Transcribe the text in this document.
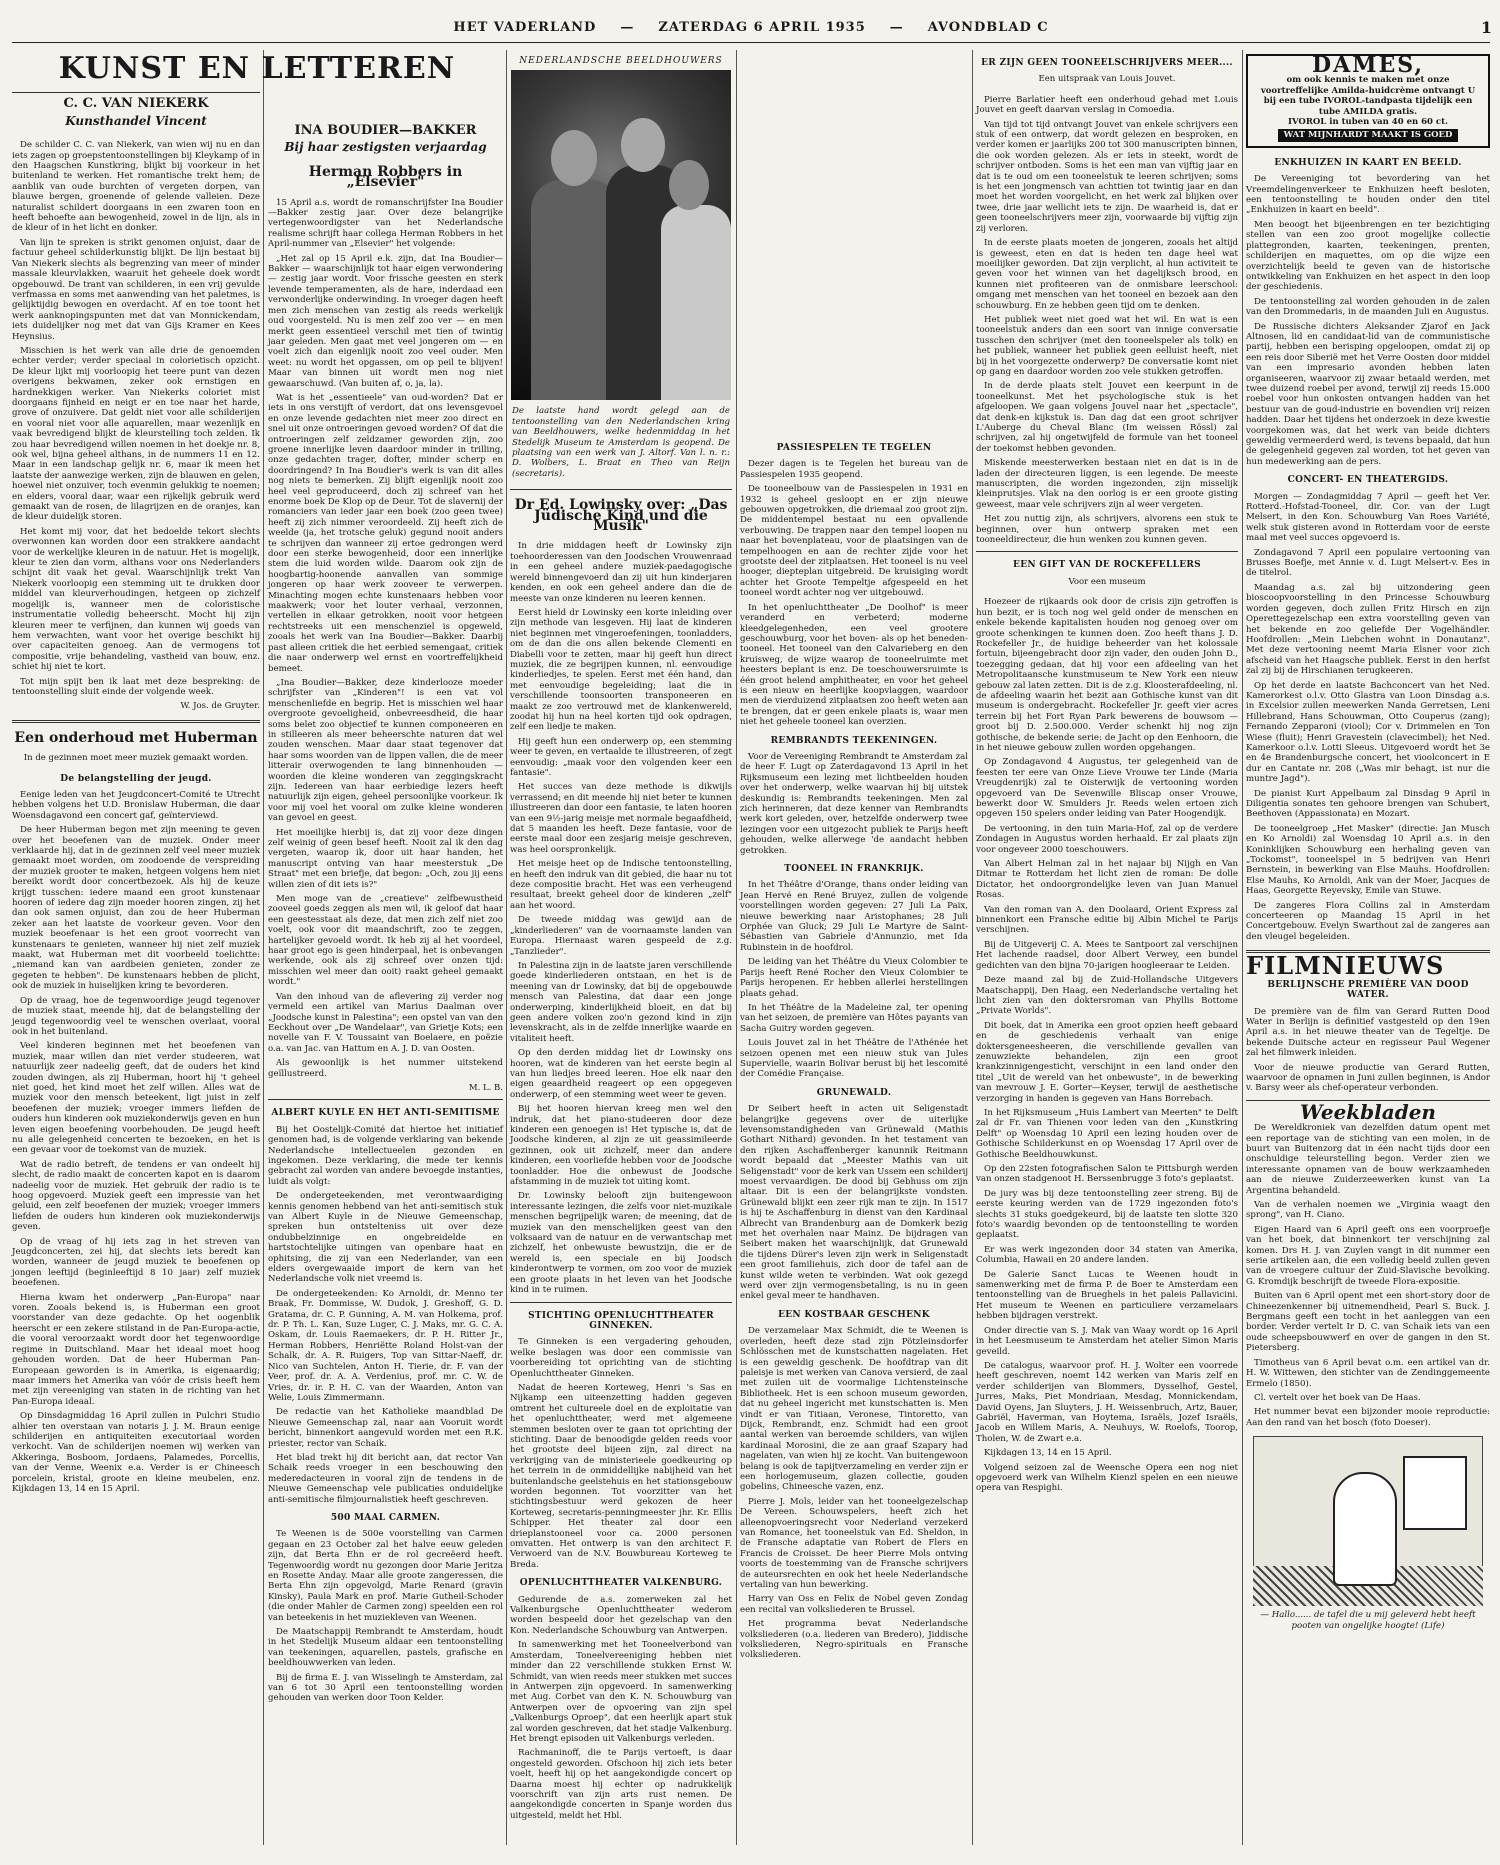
HET VADERLAND — ZATERDAG 6 APRIL 1935 — AVONDBLAD C	1
KUNST EN LETTEREN
C. C. VAN NIEKERK
Kunsthandel Vincent

De schilder C. C. van Niekerk, van wien wij nu en dan iets zagen op groepstentoonstellingen bij Kleykamp of in den Haagschen Kunstkring, blijkt bij voorkeur in het buitenland te werken. Het romantische trekt hem; de aanblik van oude burchten of vergeten dorpen, van blauwe bergen, groenende of gelende valleien. Deze naturalist schildert doorgaans in een zwaren toon en heeft behoefte aan bewogenheid, zowel in de lijn, als in de kleur of in het licht en donker.

Van lijn te spreken is strikt genomen onjuist, daar de factuur geheel schilderkunstig blijkt. De lijn bestaat bij Van Niekerk slechts als begrenzing van meer of minder massale kleurvlakken, waaruit het geheele doek wordt opgebouwd. De trant van schilderen, in een vrij gevulde verfmassa en soms met aanwending van het paletmes, is gelijktijdig bewogen en overdacht. Af en toe toont het werk aanknopingspunten met dat van Monnickendam, iets duidelijker nog met dat van Gijs Kramer en Kees Heynsius.

Misschien is het werk van alle drie de genoemden echter verder; verder speciaal in colorietisch opzicht. De kleur lijkt mij voorloopig het teere punt van dezen overigens bekwamen, zeker ook ernstigen en hardnekkigen werker. Van Niekerks coloriet mist doorgaans fijnheid en neigt er en toe naar het harde, grove of onzuivere. Dat geldt niet voor alle schilderijen en vooral niet voor alle aquarellen, maar wezenlijk en vaak bevredigend blijkt de kleurstelling toch zelden. Ik zou haar bevredigend willen noemen in het doekje nr. 8, ook wel, bijna geheel althans, in de nummers 11 en 12. Maar in een landschap gelijk nr. 6, maar ik meen het laatste der aanwezige werken, zijn de blauwen en gelen, hoewel niet onzuiver, toch evenmin gelukkig te noemen; en elders, vooral daar, waar een rijkelijk gebruik werd gemaakt van de rosen, de lilagrijzen en de oranjes, kan de kleur duidelijk storen.

Het komt mij voor, dat het bedoelde tekort slechts overwonnen kan worden door een strakkere aandacht voor de werkelijke kleuren in de natuur. Het is mogelijk, kleur te zien dan vorm, althans voor ons Nederlanders schijnt dit vaak het geval. Waarschijnlijk trekt Van Niekerk voorloopig een stemming uit te drukken door middel van kleurverhoudingen, hetgeen op zichzelf mogelijk is, wanneer men de coloristische instrumentatie volledig beheerscht. Mocht hij zijn kleuren meer te verfijnen, dan kunnen wij goeds van hem verwachten, want voor het overige beschikt hij over capaciteiten genoeg. Aan de vermogens tot compositie, vrije behandeling, vastheid van bouw, enz. schiet hij niet te kort.

Tot mijn spijt ben ik laat met deze bespreking: de tentoonstelling sluit einde der volgende week.

W. Jos. de Gruyter.
Een onderhoud met Huberman
In de gezinnen moet meer muziek gemaakt worden.
De belangstelling der jeugd.

Eenige leden van het Jeugdconcert-Comité te Utrecht hebben volgens het U.D. Bronislaw Huberman, die daar Woensdagavond een concert gaf, geïnterviewd.

De heer Huberman begon met zijn meening te geven over het beoefenen van de muziek. Onder meer verklaarde hij, dat in de gezinnen zelf veel meer muziek gemaakt moet worden, om zoodoende de verspreiding der muziek grooter te maken, hetgeen volgens hem niet bereikt wordt door concertbezoek. Als hij de keuze krijgt tusschen: iedere maand een groot kunstenaar hooren of iedere dag zijn moeder hooren zingen, zij het dan ook samen onjuist, dan zou de heer Huberman zeker aan het laatste de voorkeur geven. Voor den muziek beoefenaar is het een groot voorrecht van kunstenaars te genieten, wanneer hij niet zelf muziek maakt, wat Huberman met dit voorbeeld toelichtte: „niemand kan van aardbeien genieten, zonder ze gegeten te hebben". De kunstenaars hebben de plicht, ook de muziek in huiselijken kring te bevorderen.

Op de vraag, hoe de tegenwoordige jeugd tegenover de muziek staat, meende hij, dat de belangstelling der jeugd tegenwoordig veel te wenschen overlaat, vooral ook in het buitenland.

Veel kinderen beginnen met het beoefenen van muziek, maar willen dan niet verder studeeren, wat natuurlijk zeer nadeelig geeft, dat de ouders het kind zouden dwingen, als zij Huberman, hoort hij 't geheel niet goed, het kind moet het zelf willen. Alles wat de muziek voor den mensch beteekent, ligt juist in zelf beoefenen der muziek; vroeger immers liefden de ouders hun kinderen ook muziekonderwijs geven en hun leven eigen beoefening voorbehouden. De jeugd heeft nu alle gelegenheid concerten te bezoeken, en het is een gevaar voor de toekomst van de muziek.

Wat de radio betreft, de tendens er van ondeelt hij slecht, de radio maakt de concerten kapot en is daarom nadeelig voor de muziek. Het gebruik der radio is te hoog opgevoerd. Muziek geeft een impressie van het geluid, een zelf beoefenen der muziek; vroeger immers liefden de ouders hun kinderen ook muziekonderwijs geven.

Op de vraag of hij iets zag in het streven van Jeugdconcerten, zei hij, dat slechts iets beredt kan worden, wanneer de jeugd muziek te beoefenen op jongen leeftijd (beginleeftijd 8 10 jaar) zelf muziek beoefenen.

Hierna kwam het onderwerp „Pan-Europa" naar voren. Zooals bekend is, is Huberman een groot voorstander van deze gedachte. Op het oogenblik heerscht er een zekere stilstand in de Pan-Europa-actie, die vooral veroorzaakt wordt door het tegenwoordige regime in Duitschland. Maar het ideaal moet hoog gehouden worden. Dat de heer Huberman Pan-Europeaan geworden is in Amerika, is eigenaardig; maar immers het Amerika van vóór de crisis heeft hem met zijn vereeniging van staten in de richting van het Pan-Europa ideaal.

Op Dinsdagmiddag 16 April zullen in Pulchri Studio alhier ten overstaan van notaris J. J. M. Braun eenige schilderijen en antiquiteiten executoriaal worden verkocht. Van de schilderijen noemen wij werken van Akkeringa, Bosboom, Jordaens, Palamedes, Porcellis, van der Venne, Weenix e.a. Verder is er Chineesch porcelein, kristal, groote en kleine meubelen, enz. Kijkdagen 13, 14 en 15 April.

INA BOUDIER—BAKKER
Bij haar zestigsten verjaardag
Herman Robbers in „Elsevier"

15 April a.s. wordt de romanschrijfster Ina Boudier—Bakker zestig jaar. Over deze belangrijke vertegenwoordigster van het Nederlandsche realisme schrijft haar collega Herman Robbers in het April-nummer van „Elsevier" het volgende:

„Het zal op 15 April e.k. zijn, dat Ina Boudier—Bakker — waarschijnlijk tot haar eigen verwondering — zestig jaar wordt. Voor frissche geesten en sterk levende temperamenten, als de hare, inderdaad een verwonderlijke onderwinding. In vroeger dagen heeft men zich menschen van zestig als reeds werkelijk oud voorgesteld. Nu is men zelf zoo ver — en men merkt geen essentieel verschil met tien of twintig jaar geleden. Men gaat met veel jongeren om — en voelt zich dan eigenlijk nooit zoo veel ouder. Men weet: nu wordt het opgassen, om op peil te blijven! Maar van binnen uit wordt men nog niet gewaarschuwd. (Van buiten af, o, ja, la).

Wat is het „essentieele" van oud-worden? Dat er iets in ons verstijft of verdort, dat ons levensgevoel en onze levende gedachten niet meer zoo direct en snel uit onze ontroeringen gevoed worden? Of dat die ontroeringen zelf zeldzamer geworden zijn, zoo groene innerlijke leven daardoor minder in trilling, onze gedachten trager, dofter, minder scherp en doordringend? In Ina Boudier's werk is van dit alles nog niets te bemerken. Zij blijft eigenlijk nooit zoo heel veel geproduceerd, doch zij schreef van het enorme boek De Klop op de Deur. Tot de slavernij der romanciers van ieder jaar een boek (zoo geen twee) heeft zij zich nimmer veroordeeld. Zij heeft zich de weelde (ja, het trotsche geluk) gegund nooit anders te schrijven dan wanneer zij ertoe gedrongen werd door een sterke bewogenheid, door een innerlijke stem die luid worden wilde. Daarom ook zijn de hoogbartig-hoonende aanvallen van sommige jongeren op haar werk zooveer te verwerpen. Minachting mogen echte kunstenaars hebben voor maakwerk; voor het louter verhaal, verzonnen, vertellen in elkaar getrokken, nooit voor hetgeen rechtstreeks uit een menschenziel is opgeweld, zooals het werk van Ina Boudier—Bakker. Daarbij past alleen critiek die het eerbied semengaat, critiek die naar onderwerp wel ernst en voortreffelijkheid bemeet.

„Ina Boudier—Bakker, deze kinderlooze moeder schrijfster van „Kinderen"! is een vat vol menschenliefde en begrip. Het is misschien wel haar overgroote gevoeligheid, onbevreesdheid, die haar soms belet zoo objectief te kunnen componeeren en in stilleeren als meer beheerschte naturen dat wel zouden wenschen. Maar daar staat tegenover dat haar soms woorden van de lippen vallen, die de meer litterair overwogenden te lang binnenhouden — woorden die kleine wonderen van zeggingskracht zijn. Iedereen van haar eerbiedige lezers heeft natuurlijk zijn eigen, geheel persoonlijke voorkeur. Ik voor mij voel het vooral om zulke kleine wonderen van gevoel en geest.

Het moeilijke hierbij is, dat zij voor deze dingen zelf weinig of geen besef heeft. Nooit zal ik den dag vergeten, waarop ik, door uit haar handen, het manuscript ontving van haar meesterstuk „De Straat" met een briefje, dat begon: „Och, zou jij eens willen zien of dit iets is?"

Men moge van de „creatieve" zelfbewustheid zooveel goeds zeggen als men wil, ik geloof dat haar een geestesstaat als deze, dat men zich zelf niet zoo voelt, ook voor dit maandschrift, zoo te zeggen, hartelijker gevoeld wordt. Ik heb zij al het voordeel, haar groot ego is geen hinderpaal, het is onbevangen werkende, ook als zij schreef over onzen tijd: misschien wel meer dan ooit) raakt geheel gemaakt wordt."

Van den inhoud van de aflevering zij verder nog vermeld een artikel van Marius Daalman over „Joodsche kunst in Palestina"; een opstel van van den Eeckhout over „De Wandelaar", van Grietje Kots; een novelle van F. V. Toussaint van Boelaere, en poëzie o.a. van Jac. van Hattum en A. J. D. van Oosten.

Als gewoonlijk is het nummer uitstekend geïllustreerd.

M. L. B.
ALBERT KUYLE EN HET ANTI-SEMITISME

Bij het Oostelijk-Comité dat hiertoe het initiatief genomen had, is de volgende verklaring van bekende Nederlandsche intellectueelen gezonden en ingekomen. Deze verklaring, die mede ter kennis gebracht zal worden van andere bevoegde instanties, luidt als volgt:

De ondergeteekenden, met verontwaardiging kennis genomen hebbend van het anti-semitisch stuk van Albert Kuyle in de Nieuwe Gemeenschap, spreken hun ontstelteniss uit over deze ondubbelzinnige en ongebreidelde en hartstochtelijke uitingen van openbare haat en ophitsing, die zij van een Nederlander, van een elders overgewaaide import de kern van het Nederlandsche volk niet vreemd is.

De ondergeteekenden: Ko Arnoldi, dr. Menno ter Braak, Fr. Dommisse, W. Dudok, J. Greshoff, G. D. Gratama, dr. C. P. Gunning, A. M. van Holkema, prof. dr. P. Th. L. Kan, Suze Luger, C. J. Maks, mr. G. C. A. Oskam, dr. Louis Raemaekers, dr. P. H. Ritter Jr., Herman Robbers, Henriëtte Roland Holst-van der Schalk, dr. A. R. Ruigers, Top van Sittar-Naeff, dr. Nico van Suchtelen, Anton H. Tierie, dr. F. van der Veer, prof. dr. A. A. Verdenius, prof. mr. C. W. de Vries, dr. ir. P. H. C. van der Waarden, Anton van Welie, Louis Zimmermann.

De redactie van het Katholieke maandblad De Nieuwe Gemeenschap zal, naar aan Vooruit wordt bericht, binnenkort aangevuld worden met een R.K. priester, rector van Schaik.

Het blad trekt hij dit bericht aan, dat rector Van Schaik reeds vroeger in een beschouwing den mederedacteuren in vooral zijn de tendens in de Nieuwe Gemeenschap vele publicaties onduidelijke anti-semitische filmjournalistiek heeft geschreven.

500 MAAL CARMEN.

Te Weenen is de 500e voorstelling van Carmen gegaan en 23 October zal het halve eeuw geleden zijn, dat Berta Ehn er de rol gecreëerd heeft. Tegenwoordig wordt nu gezongen door Marie Jeritza en Rosette Anday. Maar alle groote zangeressen, die Berta Ehn zijn opgevolgd, Marie Renard (gravin Kinsky), Paula Mark en prof. Marie Gutheil-Schoder (die onder Mahler de Carmen zong) speelden een rol van beteekenis in het muziekleven van Weenen.

De Maatschappij Rembrandt te Amsterdam, houdt in het Stedelijk Museum aldaar een tentoonstelling van teekeningen, aquarellen, pastels, grafische en beeldhouwwerken van leden.

Bij de firma E. J. van Wisselingh te Amsterdam, zal van 6 tot 30 April een tentoonstelling worden gehouden van werken door Toon Kelder.

NEDERLANDSCHE BEELDHOUWERS
De laatste hand wordt gelegd aan de tentoonstelling van den Nederlandschen kring van Beeldhouwers, welke hedenmiddag in het Stedelijk Museum te Amsterdam is geopend. De plaatsing van een werk van J. Altorf. Van l. n. r.: D. Wolbers, L. Braat en Theo van Reijn (secretaris).
Dr Ed. Lowinsky over: „Das Jüdische Kind und die Musik"

In drie middagen heeft dr Lowinsky zijn toehoorderessen van den Joodschen Vrouwenraad in een geheel andere muziek-paedagogische wereld binnengevoerd dan zij uit hun kinderjaren kenden, en ook een geheel andere dan die de meeste van onze kinderen nu leeren kennen.

Eerst hield dr Lowinsky een korte inleiding over zijn methode van lesgeven. Hij laat de kinderen niet beginnen met vingeroefeningen, toonladders, om de dan die ons allen bekende Clementi en Diabelli voor te zetten, maar hij geeft hun direct muziek, die ze begrijpen kunnen, nl. eenvoudige kinderliedjes, te spelen. Eerst met één hand, dan met eenvoudige begeleiding; laat die in verschillende toonsoorten transponeeren en maakt ze zoo vertrouwd met de klankenwereld, zoodat hij hun na heel korten tijd ook opdragen, zelf een liedje te maken.

Hij geeft hun een onderwerp op, een stemming weer te geven, en vertaalde te illustreeren, of zegt eenvoudig: „maak voor den volgenden keer een fantasie".

Het succes van deze methode is dikwijls verrassend; en dit meende hij niet beter te kunnen illustreeren dan door een fantasie, te laten hooren van een 9½-jarig meisje met normale begaafdheid, dat 5 maanden les heeft. Deze fantasie, voor de eerste maal door een zesjarig meisje geschreven, was heel oorspronkelijk.

Het meisje heet op de Indische tentoonstelling, en heeft den indruk van dit gebied, die haar nu tot deze compositie bracht. Het was een verheugend resultaat, breekt geheel door de kinderen „zelf" aan het woord.

De tweede middag was gewijd aan de „kinderliederen" van de voornaamste landen van Europa. Hiernaast waren gespeeld de z.g. „Tanzlieder".

In Palestina zijn in de laatste jaren verschillende goede kinderliederen ontstaan, en het is de meening van dr Lowinsky, dat bij de opgebouwde mensch van Palestina, dat daar een jonge onderwerping, kinderlijkheid bloeit, en dat bij geen andere volken zoo'n gezond kind in zijn levenskracht, als in de zelfde innerlijke waarde en vitaliteit heeft.

Op den derden middag liet dr Lowinsky ons hooren, wat de kinderen van het eerste begin al van hun liedjes breed leeren. Hoe elk naar den eigen geaardheid reageert op een opgegeven onderwerp, of een stemming weet weer te geven.

Bij het hooren hiervan kreeg men wel den indruk, dat het piano-studeeren door deze kinderen een genoegen is! Het typische is, dat de Joodsche kinderen, al zijn ze uit geassimileerde gezinnen, ook uit zichzelf, meer dan andere kinderen, een voorliefde hebben voor de Joodsche toonladder. Hoe die onbewust de Joodsche afstamming in de muziek tot uiting komt.

Dr. Lowinsky belooft zijn buitengewoon interessante lezingen, die zelfs voor niet-muzikale menschen begrijpelijk waren; de meening, dat de muziek van den menschelijken geest van den volksaard van de natuur en de verwantschap met zichzelf, het onbewuste bewustzijn, die er de wereld is, een speciale en bij Joodsch kinderontwerp te vormen, om zoo voor de muziek een groote plaats in het leven van het Joodsche kind in te ruimen.

STICHTING OPENLUCHTTHEATER GINNEKEN.

Te Ginneken is een vergadering gehouden, welke beslagen was door een commissie van voorbereiding tot oprichting van de stichting Openluchttheater Ginneken.

Nadat de heeren Korteweg, Henri 's Sas en Nijkamp een uiteenzetting hadden gegeven omtrent het cultureele doel en de exploitatie van het openluchttheater, werd met algemeene stemmen besloten over te gaan tot oprichting der stichting. Daar de benoodigde gelden reeds voor het grootste deel bijeen zijn, zal direct na verkrijging van de ministerieele goedkeuring op het terrein in de onmiddellijke nabijheid van het buitenlandsche geelstehuis en het stationsgebouw worden begonnen. Tot voorzitter van het stichtingsbestuur werd gekozen de heer Korteweg, secretaris-penningmeester jhr. Kr. Ellis Schipper. Het theater zal door een drieplanstooneel voor ca. 2000 personen omvatten. Het ontwerp is van den architect F. Verwoerd van de N.V. Bouwbureau Korteweg te Breda.

OPENLUCHTTHEATER VALKENBURG.

Gedurende de a.s. zomerweken zal het Valkenburgsche Openluchttheater wederom worden bespeeld door het gezelschap van den Kon. Nederlandsche Schouwburg van Antwerpen.

In samenwerking met het Tooneelverbond van Amsterdam, Toneelvereeniging hebben niet minder dan 22 verschillende stukken Ernst W. Schmidt, van wien reeds meer stukken met succes in Antwerpen zijn opgevoerd. In samenwerking met Aug. Corbet van den K. N. Schouwburg van Antwerpen over de opvoering van zijn spel „Valkenburgs Oproep", dat een heerlijk apart stuk zal worden geschreven, dat het stadje Valkenburg. Het brengt episoden uit Valkenburgs verleden.

Rachmaninoff, die te Parijs vertoeft, is daar ongesteld geworden. Ofschoon hij zich iets beter voelt, heeft hij op het aangekondigde concert op Daarna moest hij echter op nadrukkelijk voorschrift van zijn arts rust nemen. De aangekondigde concerten in Spanje worden dus uitgesteld, meldt het Hbl.

PASSIESPELEN TE TEGELEN

Dezer dagen is te Tegelen het bureau van de Passiespelen 1935 geopend.

De tooneelbouw van de Passiespelen in 1931 en 1932 is geheel gesloopt en er zijn nieuwe gebouwen opgetrokken, die driemaal zoo groot zijn. De middentempel bestaat nu een opvallende verbouwing. De trappen naar den tempel loopen nu naar het bovenplateau, voor de plaatsingen van de tempelhoogen en aan de rechter zijde voor het grootste deel der zitplaatsen. Het tooneel is nu veel hooger, diepteplan uitgebreid. De kruisiging wordt achter het Groote Tempeltje afgespeeld en het tooneel wordt achter nog ver uitgebouwd.

In het openluchttheater „De Doolhof" is meer veranderd en verbeterd; moderne kleedgelegenheden, een veel grootere geschouwburg, voor het boven- als op het beneden-tooneel. Het tooneel van den Calvarieberg en den kruisweg, de wijze waarop de tooneelruimte met heesters beplant is enz. De toeschouwersruimte is één groot helend amphitheater, en voor het geheel is een nieuw en heerlijke koopvlaggen, waardoor men de vierduizend zitplaatsen zoo heeft weten aan te brengen, dat er geen enkele plaats is, waar men niet het geheele tooneel kan overzien.

REMBRANDTS TEEKENINGEN.

Voor de Vereeniging Rembrandt te Amsterdam zal de heer F. Lugt op Zaterdagavond 13 April in het Rijksmuseum een lezing met lichtbeelden houden over het onderwerp, welke waarvan hij bij uitstek deskundig is: Rembrandts teekeningen. Men zal zich herinneren, dat deze kenner van Rembrandts werk kort geleden, over, hetzelfde onderwerp twee lezingen voor een uitgezocht publiek te Parijs heeft gehouden, welke allerwege 'de aandacht hebben getrokken.

TOONEEL IN FRANKRIJK.

In het Théâtre d'Orange, thans onder leiding van Jean Hervé en René Bruyez, zullen de volgende voorstellingen worden gegeven: 27 Juli La Paix, nieuwe bewerking naar Aristophanes; 28 Juli Orphée van Gluck; 29 Juli Le Martyre de Saint-Sébastien van Gabriele d'Annunzio, met Ida Rubinstein in de hoofdrol.

De leiding van het Théâtre du Vieux Colombier te Parijs heeft René Rocher den Vieux Colombier te Parijs heropenen. Er hebben allerlei herstellingen plaats gehad.

In het Théâtre de la Madeleine zal, ter opening van het seizoen, de première van Hôtes payants van Sacha Guitry worden gegeven.

Louis Jouvet zal in het Théâtre de l'Athénée het seizoen openen met een nieuw stuk van Jules Supervielle, waarin Bolivar berust bij het lescomité der Comédie Française.

GRUNEWALD.

Dr Seibert heeft in acten uit Seligenstadt belangrijke gegevens over de uiterlijke levensomstandigheden van Grünewald (Mathis Gothart Nithard) gevonden. In het testament van den rijken Aschaffenberger kanunnik Reitmann wordt bepaald dat „Meester Mathis van uit Seligenstadt" voor de kerk van Ussem een schilderij moest vervaardigen. De dood bij Gebhuss om zijn altaar. Dit is een der belangrijkste vondsten. Grünewald blijkt een zeer rijk man te zijn. In 1517 is hij te Aschaffenburg in dienst van den Kardinaal Albrecht van Brandenburg aan de Domkerk bezig met het overhalen naar Mainz. De bijdragen van Seibert maken het waarschijnlijk, dat Grunewald die tijdens Dürer's leven zijn werk in Seligenstadt een groot familiehuis, zich door de tafel aan de kunst wilde weten te verbinden. Wat ook gezegd werd over zijn vermogensbetaling, is nu in geen enkel geval meer te handhaven.

EEN KOSTBAAR GESCHENK

De verzamelaar Max Schmidt, die te Weenen is overleden, heeft deze stad zijn Pötzleinsdorfer Schlösschen met de kunstschatten nagelaten. Het is een geweldig geschenk. De hoofdtrap van dit paleisje is met werken van Canova versierd, de zaal met zuilen uit de voormalige Lichtensteinsche Bibliotheek. Het is een schoon museum geworden, dat nu geheel ingericht met kunstschatten is. Men vindt er van Titiaan, Veronese, Tintoretto, van Dijck, Rembrandt, enz. Schmidt had een groot aantal werken van beroemde schilders, van wijlen kardinaal Morosini, die ze aan graaf Szapary had nagelaten, van wien hij ze kocht. Van buitengewoon belang is ook de tapijtverzameling en verder zijn er een horlogemuseum, glazen collectie, gouden gobelins, Chineesche vazen, enz.

Pierre J. Mols, leider van het tooneelgezelschap De Vereen. Schouwspelers, heeft zich het alleenopvoeringsrecht voor Nederland verzekerd van Romance, het tooneelstuk van Ed. Sheldon, in de Fransche adaptatie van Robert de Flers en Francis de Croisset. De heer Pierre Mols ontving voorts de toestemming van de Fransche schrijvers de auteursrechten en ook het heele Nederlandsche vertaling van hun bewerking.

Harry van Oss en Felix de Nobel geven Zondag een recital van volksliederen te Brussel.

Het programma bevat Nederlandsche volksliederen (o.a. liederen van Bredero), Jiddische volksliederen, Negro-spirituals en Fransche volksliederen.

ER ZIJN GEEN TOONEELSCHRIJVERS MEER....
Een uitspraak van Louis Jouvet.

Pierre Barlatier heeft een onderhoud gehad met Louis Jouvet en geeft daarvan verslag in Comoedia.

Van tijd tot tijd ontvangt Jouvet van enkele schrijvers een stuk of een ontwerp, dat wordt gelezen en besproken, en verder komen er jaarlijks 200 tot 300 manuscripten binnen, die ook worden gelezen. Als er iets in steekt, wordt de schrijver ontboden. Soms is het een man van vijftig jaar en dat is te oud om een tooneelstuk te leeren schrijven; soms is het een jongmensch van achttien tot twintig jaar en dan moet het worden voorgelicht, en het werk zal blijken over twee, drie jaar wellicht iets te zijn. De waarheid is, dat er geen tooneelschrijvers meer zijn, voorwaarde bij vijftig zijn zij verloren.

In de eerste plaats moeten de jongeren, zooals het altijd is geweest, eten en dat is heden ten dage heel wat moeilijker geworden. Dat zijn verplicht, al hun activiteit te geven voor het winnen van het dagelijksch brood, en kunnen niet profiteeren van de onmisbare leerschool: omgang met menschen van het tooneel en bezoek aan den schouwburg. En ze hebben geen tijd om te denken.

Het publiek weet niet goed wat het wil. En wat is een tooneelstuk anders dan een soort van innige conversatie tusschen den schrijver (met den tooneelspeler als tolk) en het publiek, wanneer het publiek geen eelluist heeft, niet bij in het voorgezette onderwerp? De conversatie komt niet op gang en daardoor worden zoo vele stukken getroffen.

In de derde plaats stelt Jouvet een keerpunt in de tooneelkunst. Met het psychologische stuk is het afgeloopen. We gaan volgens Jouvel naar het „spectacle", dat denk-en kijkstuk is. Dan dag dat een groot schrijver L'Auberge du Cheval Blanc (Im weissen Rössl) zal schrijven, zal hij ongetwijfeld de formule van het tooneel der toekomst hebben gevonden.

Miskende meesterwerken bestaan niet en dat is in de laden der directeuren liggen, is een legende. De meeste manuscripten, die worden ingezonden, zijn misselijk kleinprutsjes. Vlak na den oorlog is er een groote gisting geweest, maar vele schrijvers zijn al weer vergeten.

Het zou nuttig zijn, als schrijvers, alvorens een stuk te beginnen, over hun ontwerp spraken met een tooneeldirecteur, die hun wenken zou kunnen geven.

EEN GIFT VAN DE ROCKEFELLERS
Voor een museum

Hoezeer de rijkaards ook door de crisis zijn getroffen is hun bezit, er is toch nog wel geld onder de menschen en enkele bekende kapitalisten houden nog genoeg over om groote schenkingen te kunnen doen. Zoo heeft thans J. D. Rockefeller Jr., de huidige beheerder van het kolossale fortuin, bijeengebracht door zijn vader, den ouden John D., toezegging gedaan, dat hij voor een afdeeling van het Metropolitaansche kunstmuseum te New York een nieuw gebouw zal laten zetten. Dit is de z.g. Kloosterafdeeling, nl. de afdeeling waarin het bezit aan Gothische kunst van dit museum is ondergebracht. Rockefeller Jr. geeft vier acres terrein bij het Fort Ryan Park bewerens de bouwsom — groot bij D. 2.500.000. Verder schenkt hij nog zijn gothische, de bekende serie: de Jacht op den Eenhoorn, die in het nieuwe gebouw zullen worden opgehangen.

Op Zondagavond 4 Augustus, ter gelegenheid van de feesten ter eere van Onze Lieve Vrouwe ter Linde (Maria Vreugdenrijk) zal te Oisterwijk de vertooning worden opgevoerd van De Sevenwille Bliscap onser Vrouwe, bewerkt door W. Smulders Jr. Reeds welen ertoen zich opgeven 150 spelers onder leiding van Pater Hoogendijk.

De vertooning, in den tuin Maria-Hof, zal op de verdere Zondagen in Augustus worden herhaald. Er zal plaats zijn voor ongeveer 2000 toeschouwers.

Van Albert Helman zal in het najaar bij Nijgh en Van Ditmar te Rotterdam het licht zien de roman: De dolle Dictator, het ondoorgrondelijke leven van Juan Manuel Rosas.

Van den roman van A. den Doolaard, Orient Express zal binnenkort een Fransche editie bij Albin Michel te Parijs verschijnen.

Bij de Uitgeverij C. A. Mees te Santpoort zal verschijnen Het lachende raadsel, door Albert Verwey, een bundel gedichten van den bijna 70-jarigen hoogleeraar te Leiden.

Deze maand zal bij de Zuid-Hollandsche Uitgevers Maatschappij, Den Haag, een Nederlandsche vertaling het licht zien van den doktersroman van Phyllis Bottome „Private Worlds".

Dit boek, dat in Amerika een groot opzien heeft gebaard en de geschiedenis verhaalt van enige doktersgeneesheeren, die verschillende gevallen van zenuwziekte behandelen, zijn een groot krankzinnigengesticht, verschijnt in een land onder den titel „Uit de wereld van het onbewuste", in de bewerking van mevrouw J. E. Gorter—Keyser, terwijl de aesthetische verzorging in handen is gegeven van Hans Borrebach.

In het Rijksmuseum „Huis Lambert van Meerten" te Delft zal dr Fr. van Thienen voor leden van den „Kunstkring Delft" op Woensdag 10 April een lezing houden over de Gothische Schilderkunst en op Woensdag 17 April over de Gothische Beeldhouwkunst.

Op den 22sten fotografischen Salon te Pittsburgh werden van onzen stadgenoot H. Berssenbrugge 3 foto's geplaatst.

De jury was bij deze tentoonstelling zeer streng. Bij de eerste keuring werden van de 1729 ingezonden foto's slechts 31 stuks goedgekeurd, bij de laatste ten slotte 320 foto's waardig bevonden op de tentoonstelling te worden geplaatst.

Er was werk ingezonden door 34 staten van Amerika, Columbia, Hawaii en 20 andere landen.

De Galerie Sanct Lucas te Weenen houdt in samenwerking met de firma P. de Boer te Amsterdam een tentoonstelling van de Brueghels in het paleis Pallavicini. Het museum te Weenen en particuliere verzamelaars hebben bijdragen verstrekt.

Onder directie van S. J. Mak van Waay wordt op 16 April in het Leesmuseum te Amsterdam het atelier Simon Maris geveild.

De catalogus, waarvoor prof. H. J. Wolter een voorrede heeft geschreven, noemt 142 werken van Maris zelf en verder schilderijen van Blommers, Dysselhof, Gestel, Jurres, Maks, Piet Mondriaan, Mesdag, Monnickendam, David Oyens, Jan Sluyters, J. H. Weissenbruch, Artz, Bauer, Gabriël, Haverman, van Hoytema, Israëls, Jozef Israëls, Jacob en Willem Maris, A. Neuhuys, W. Roelofs, Toorop, Tholen, W. de Zwart e.a.

Kijkdagen 13, 14 en 15 April.

Volgend seizoen zal de Weensche Opera een nog niet opgevoerd werk van Wilhelm Kienzl spelen en een nieuwe opera van Respighi.

DAMES,
om ook kennis te maken met onze voortreffelijke Amilda-huidcrème ontvangt U bij een tube IVOROL-tandpasta tijdelijk een tube AMILDA gratis.
IVOROL in tuben van 40 en 60 ct.
WAT MIJNHARDT MAAKT IS GOED
ENKHUIZEN IN KAART EN BEELD.

De Vereeniging tot bevordering van het Vreemdelingenverkeer te Enkhuizen heeft besloten, een tentoonstelling te houden onder den titel „Enkhuizen in kaart en beeld".

Men beoogt het bijeenbrengen en ter bezichtiging stellen van een zoo groot mogelijke collectie plattegronden, kaarten, teekeningen, prenten, schilderijen en maquettes, om op die wijze een overzichtelijk beeld te geven van de historische ontwikkeling van Enkhuizen en het aspect in den loop der geschiedenis.

De tentoonstelling zal worden gehouden in de zalen van den Drommedaris, in de maanden Juli en Augustus.

De Russische dichters Aleksander Zjarof en Jack Altnosen, lid en candidaat-lid van de communistische partij, hebben een berisping opgeloopen, omdat zij op een reis door Siberië met het Verre Oosten door middel van een impresario avonden hebben laten organiseeren, waarvoor zij zwaar betaald werden, met twee duizend roebel per avond, terwijl zij reeds 15.000 roebel voor hun onkosten ontvangen hadden van het bestuur van de goud-industrie en bovendien vrij reizen hadden. Daar het tijdens het onderzoek in deze kwestie voorgekomen was, dat het werk van beide dichters geweldig vermeerderd werd, is tevens bepaald, dat hun de gelegenheid gegeven zal worden, tot het geven van hun medewerking aan de pers.

CONCERT- EN THEATERGIDS.

Morgen — Zondagmiddag 7 April — geeft het Ver. Rotterd.-Hofstad-Tooneel, dir. Cor. van der Lugt Melsert, in den Kon. Schouwburg Van Roes Variété, welk stuk gisteren avond in Rotterdam voor de eerste maal met veel succes opgevoerd is.

Zondagavond 7 April een populaire vertooning van Brusses Boefje, met Annie v. d. Lugt Melsert-v. Ees in de titelrol.

Maandag a.s. zal bij uitzondering geen bioscoopvoorstelling in den Princesse Schouwburg worden gegeven, doch zullen Fritz Hirsch en zijn Operettegezelschap een extra voorstelling geven van het bekende en zoo geliefde Der Vogelhändler. Hoofdrollen: „Mein Liebchen wohnt in Donautanz". Met deze vertooning neemt Maria Elsner voor zich afscheid van het Haagsche publiek. Eerst in den herfst zal zij bij de Hirschianen terugkeeren.

Op het derde en laatste Bachconcert van het Ned. Kamerorkest o.l.v. Otto Glastra van Loon Dinsdag a.s. in Excelsior zullen meewerken Nanda Gerretsen, Leni Hillebrand, Hans Schouwman, Otto Couperus (zang); Fernando Zepparoni (viool); Cor v. Drimmelen en Ton Wiese (fluit); Henri Gravestein (clavecimbel); het Ned. Kamerkoor o.l.v. Lotti Sleeus. Uitgevoerd wordt het 3e en 4e Brandenburgsche concert, het vioolconcert in E dur en Cantate nr. 208 („Was mir behagt, ist nur die muntre Jagd").

De pianist Kurt Appelbaum zal Dinsdag 9 April in Diligentia sonates ten gehoore brengen van Schubert, Beethoven (Appassionata) en Mozart.

De tooneelgroep „Het Masker" (directie: Jan Musch en Ko Arnoldi) zal Woensdag 10 April a.s. in den Koninklijken Schouwburg een herhaling geven van „Tockomst", tooneelspel in 5 bedrijven van Henri Bernstein, in bewerking van Else Mauhs. Hoofdrollen: Else Mauhs, Ko Arnoldi, Ank van der Moer, Jacques de Haas, Georgette Reyevsky, Emile van Stuwe.

De zangeres Flora Collins zal in Amsterdam concerteeren op Maandag 15 April in het Concertgebouw. Evelyn Swarthout zal de zangeres aan den vleugel begeleiden.

FILMNIEUWS
BERLIJNSCHE PREMIÈRE VAN DOOD WATER.

De première van de film van Gerard Rutten Dood Water in Berlijn is definitief vastgesteld op den 19en April a.s. in het nieuwe theater van de Tegeltje. De bekende Duitsche acteur en regisseur Paul Wegener zal het filmwerk inleiden.

Voor de nieuwe productie van Gerard Rutten, waarvoor de opnamen in Juni zullen beginnen, is Andor v. Barsy weer als chef-operateur verbonden.

Weekbladen

De Wereldkroniek van dezelfden datum opent met een reportage van de stichting van een molen, in de buurt van Buitenzorg dat in één nacht tijds door een onschuldige teleurstelling begon. Verder zien we interessante opnamen van de bouw werkzaamheden aan de nieuwe Zuiderzeewerken kunst van La Argentina behandeld.

Van de verhalen noemen we „Virginia waagt den sprong", van H. Ciano.

Eigen Haard van 6 April geeft ons een voorproefje van het boek, dat binnenkort ter verschijning zal komen. Drs H. J. van Zuylen vangt in dit nummer een serie artikelen aan, die een volledig beeld zullen geven van de vroegere cultuur der Zuid-Slavische bevolking. G. Kromdijk beschrijft de tweede Flora-expositie.

Buiten van 6 April opent met een short-story door de Chineezenkenner bij uitnemendheid, Pearl S. Buck. J. Bergmans geeft een tocht in het aanleggen van een border. Verder vertelt Ir D. C. van Schaik iets van een oude scheepsbouwwerf en over de gangen in den St. Pietersberg.

Timotheus van 6 April bevat o.m. een artikel van dr. H. W. Wittewen, den stichter van de Zendinggemeente Ermelo (1850).

Cl. vertelt over het boek van De Haas.

Het nummer bevat een bijzonder mooie reproductie: Aan den rand van het bosch (foto Doeser).

— Hallo...... de tafel die u mij geleverd hebt heeft pooten van ongelijke hoogte! (Life)
